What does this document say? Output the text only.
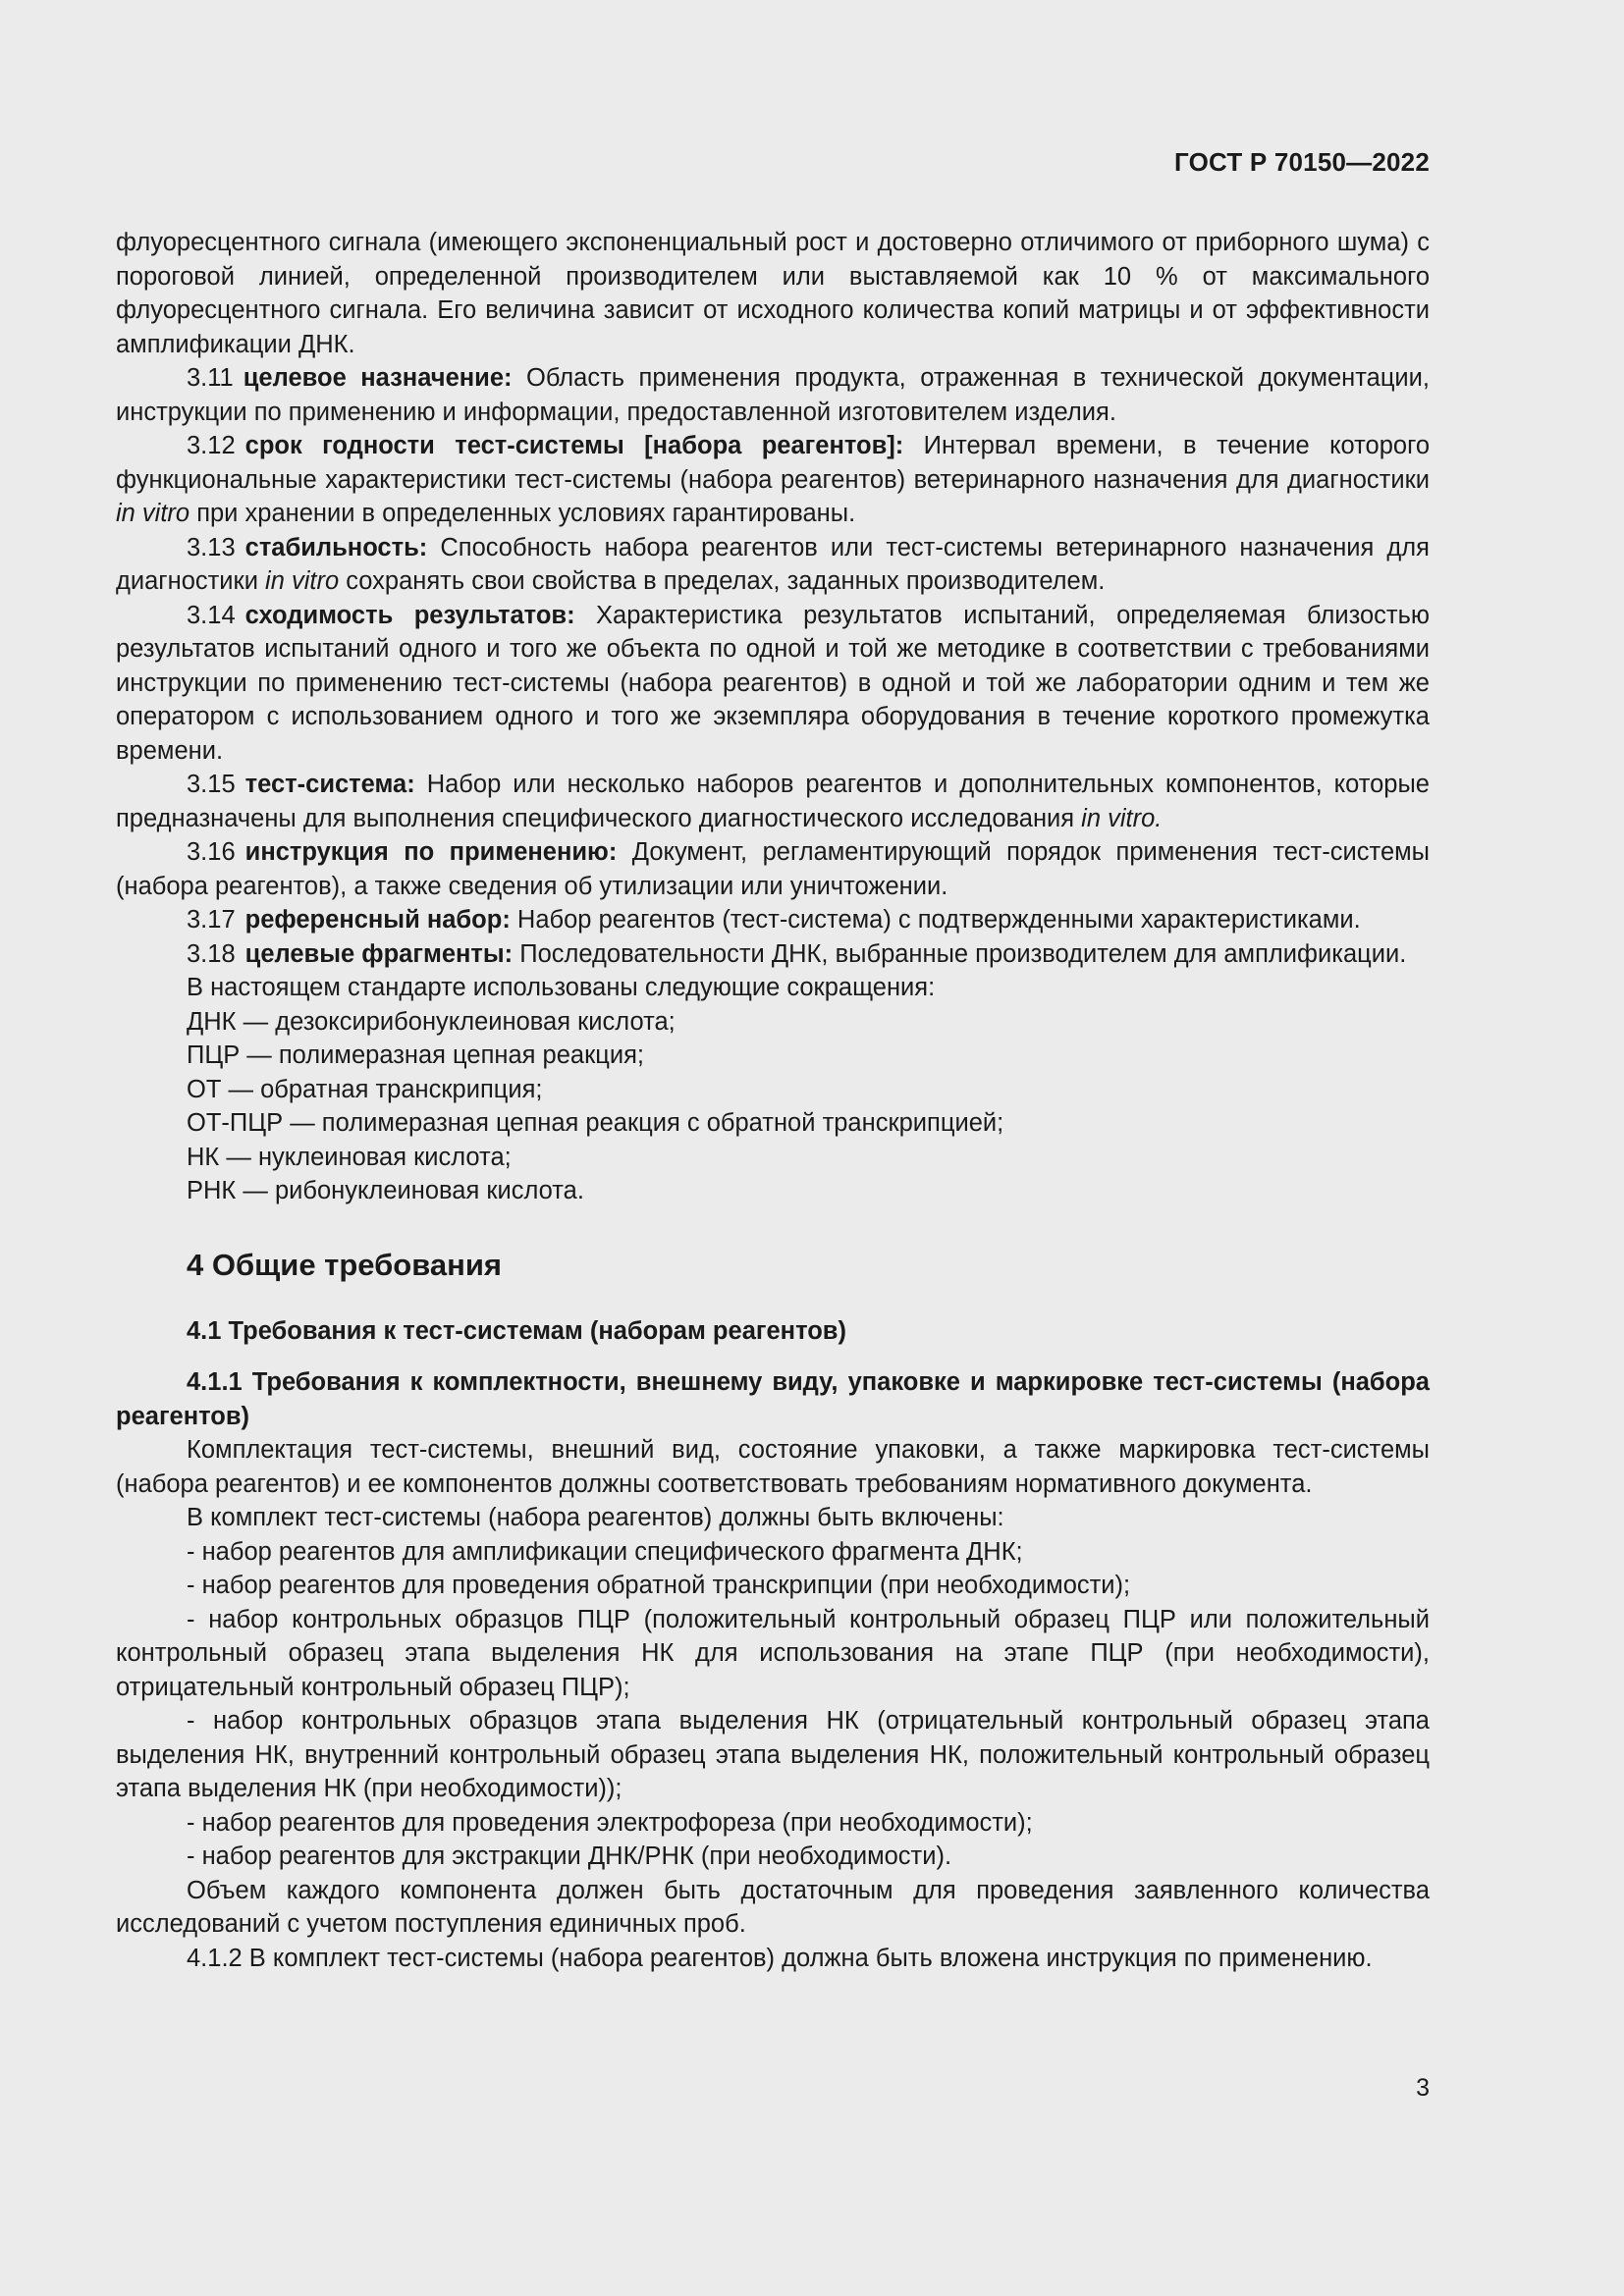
ГОСТ Р 70150—2022

флуоресцентного сигнала (имеющего экспоненциальный рост и достоверно отличимого от приборного шума) с пороговой линией, определенной производителем или выставляемой как 10 % от максимального флуоресцентного сигнала. Его величина зависит от исходного количества копий матрицы и от эффективности амплификации ДНК.

3.11 целевое назначение: Область применения продукта, отраженная в технической документации, инструкции по применению и информации, предоставленной изготовителем изделия.

3.12 срок годности тест-системы [набора реагентов]: Интервал времени, в течение которого функциональные характеристики тест-системы (набора реагентов) ветеринарного назначения для диагностики in vitro при хранении в определенных условиях гарантированы.

3.13 стабильность: Способность набора реагентов или тест-системы ветеринарного назначения для диагностики in vitro сохранять свои свойства в пределах, заданных производителем.

3.14 сходимость результатов: Характеристика результатов испытаний, определяемая близостью результатов испытаний одного и того же объекта по одной и той же методике в соответствии с требованиями инструкции по применению тест-системы (набора реагентов) в одной и той же лаборатории одним и тем же оператором с использованием одного и того же экземпляра оборудования в течение короткого промежутка времени.

3.15 тест-система: Набор или несколько наборов реагентов и дополнительных компонентов, которые предназначены для выполнения специфического диагностического исследования in vitro.

3.16 инструкция по применению: Документ, регламентирующий порядок применения тест-системы (набора реагентов), а также сведения об утилизации или уничтожении.

3.17 референсный набор: Набор реагентов (тест-система) с подтвержденными характеристиками.

3.18 целевые фрагменты: Последовательности ДНК, выбранные производителем для амплификации.

В настоящем стандарте использованы следующие сокращения:

ДНК — дезоксирибонуклеиновая кислота;

ПЦР — полимеразная цепная реакция;

ОТ — обратная транскрипция;

ОТ-ПЦР — полимеразная цепная реакция с обратной транскрипцией;

НК — нуклеиновая кислота;

РНК — рибонуклеиновая кислота.

4 Общие требования

4.1 Требования к тест-системам (наборам реагентов)

4.1.1 Требования к комплектности, внешнему виду, упаковке и маркировке тест-системы (набора реагентов)

Комплектация тест-системы, внешний вид, состояние упаковки, а также маркировка тест-системы (набора реагентов) и ее компонентов должны соответствовать требованиям нормативного документа.

В комплект тест-системы (набора реагентов) должны быть включены:

- набор реагентов для амплификации специфического фрагмента ДНК;

- набор реагентов для проведения обратной транскрипции (при необходимости);

- набор контрольных образцов ПЦР (положительный контрольный образец ПЦР или положительный контрольный образец этапа выделения НК для использования на этапе ПЦР (при необходимости), отрицательный контрольный образец ПЦР);

- набор контрольных образцов этапа выделения НК (отрицательный контрольный образец этапа выделения НК, внутренний контрольный образец этапа выделения НК, положительный контрольный образец этапа выделения НК (при необходимости));

- набор реагентов для проведения электрофореза (при необходимости);

- набор реагентов для экстракции ДНК/РНК (при необходимости).

Объем каждого компонента должен быть достаточным для проведения заявленного количества исследований с учетом поступления единичных проб.

4.1.2 В комплект тест-системы (набора реагентов) должна быть вложена инструкция по применению.

3
